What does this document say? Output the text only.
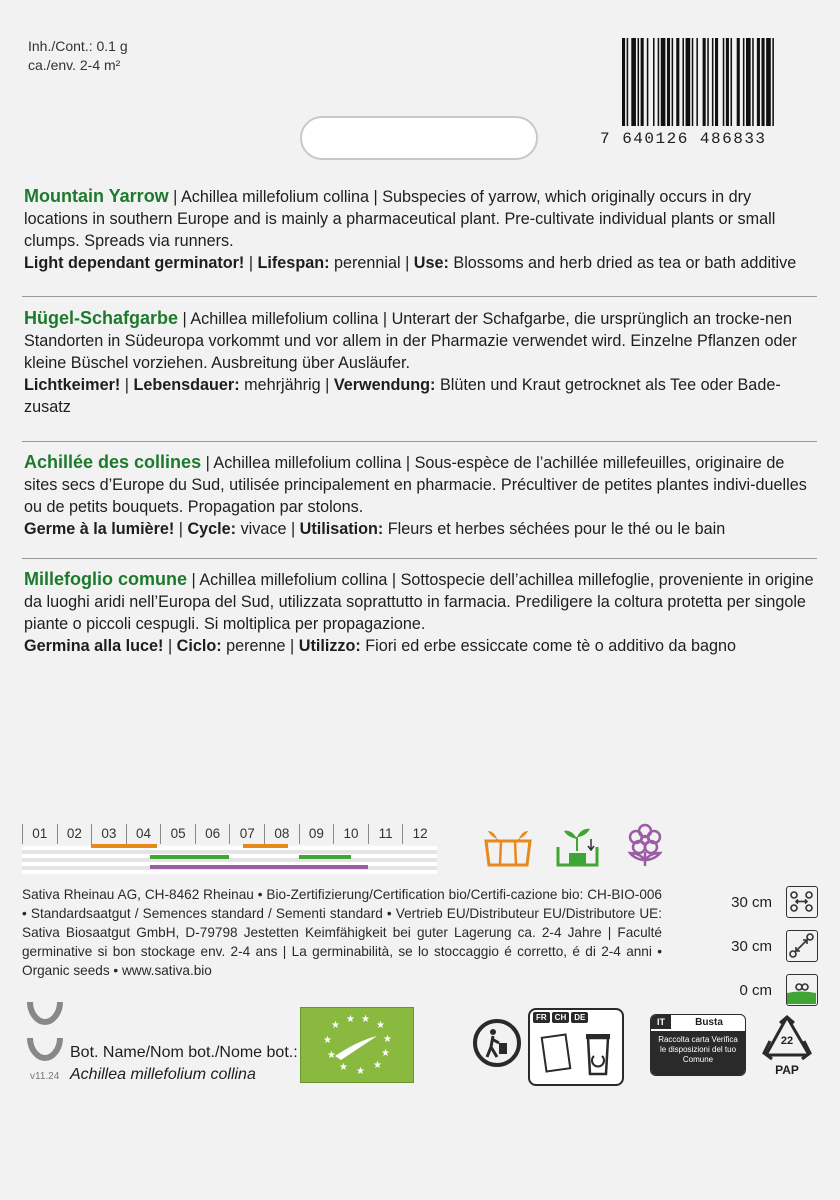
Inh./Cont.: 0.1 g
ca./env. 2-4 m²
7 640126 486833
Mountain Yarrow | Achillea millefolium collina | Subspecies of yarrow, which originally occurs in dry locations in southern Europe and is mainly a pharmaceutical plant. Pre-cultivate individual plants or small clumps. Spreads via runners.
Light dependant germinator! | Lifespan: perennial | Use: Blossoms and herb dried as tea or bath additive
Hügel-Schafgarbe | Achillea millefolium collina | Unterart der Schafgarbe, die ursprünglich an trocke-nen Standorten in Südeuropa vorkommt und vor allem in der Pharmazie verwendet wird. Einzelne Pflanzen oder kleine Büschel vorziehen. Ausbreitung über Ausläufer.
Lichtkeimer! | Lebensdauer: mehrjährig | Verwendung: Blüten und Kraut getrocknet als Tee oder Bade-zusatz
Achillée des collines | Achillea millefolium collina | Sous-espèce de l’achillée millefeuilles, originaire de sites secs d’Europe du Sud, utilisée principalement en pharmacie. Précultiver de petites plantes indivi-duelles ou de petits bouquets. Propagation par stolons.
Germe à la lumière! | Cycle: vivace | Utilisation: Fleurs et herbes séchées pour le thé ou le bain
Millefoglio comune | Achillea millefolium collina | Sottospecie dell’achillea millefoglie, proveniente in origine da luoghi aridi nell’Europa del Sud, utilizzata soprattutto in farmacia. Prediligere la coltura protetta per singole piante o piccoli cespugli. Si moltiplica per propagazione.
Germina alla luce! | Ciclo: perenne | Utilizzo: Fiori ed erbe essiccate come tè o additivo da bagno
01	02	03	04	05	06	07	08	09	10	11	12
Sativa Rheinau AG, CH-8462 Rheinau • Bio-Zertifizierung/Certification bio/Certifi-cazione bio: CH-BIO-006 • Standardsaatgut / Semences standard / Sementi standard • Vertrieb EU/Distributeur EU/Distributore UE: Sativa Biosaatgut GmbH, D-79798 Jestetten Keimfähigkeit bei guter Lagerung ca. 2-4 Jahre | Faculté germinative si bon stockage env. 2-4 ans | La germinabilità, se lo stoccaggio é corretto, é di 2-4 anni • Organic seeds • www.sativa.bio
30 cm
30 cm
0 cm
v11.24
Bot. Name/Nom bot./Nome bot.:
Achillea millefolium collina
★
★ ★
★
★
★
★
★
★
★
★
FR	CH	DE	IT	Busta
Raccolta carta Verifica le disposizioni del tuo Comune
22
PAP
